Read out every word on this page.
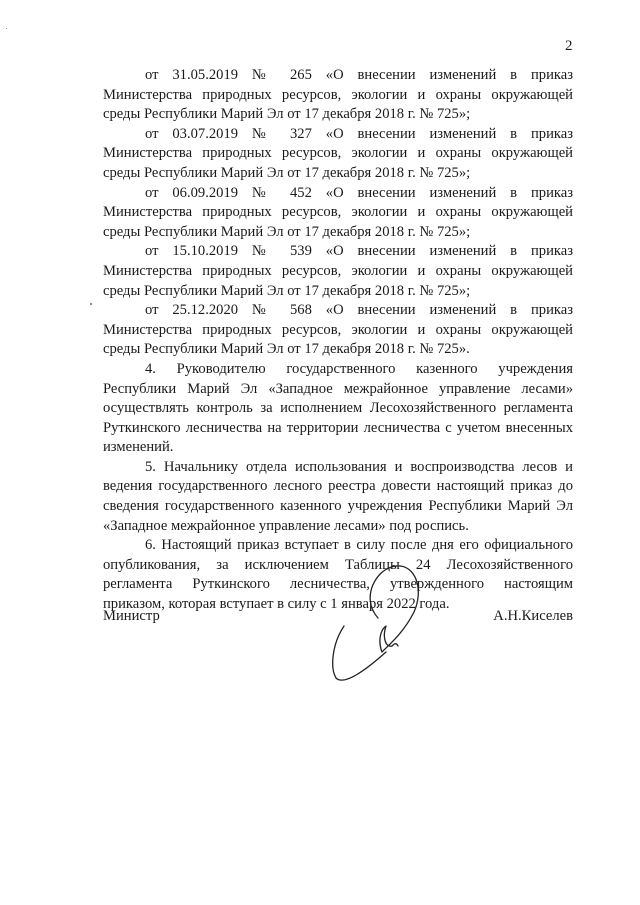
2

от 31.05.2019 № 265 «О внесении изменений в приказ Министерства природных ресурсов, экологии и охраны окружающей среды Республики Марий Эл от 17 декабря 2018 г. № 725»;

от 03.07.2019 № 327 «О внесении изменений в приказ Министерства природных ресурсов, экологии и охраны окружающей среды Республики Марий Эл от 17 декабря 2018 г. № 725»;

от 06.09.2019 № 452 «О внесении изменений в приказ Министерства природных ресурсов, экологии и охраны окружающей среды Республики Марий Эл от 17 декабря 2018 г. № 725»;

от 15.10.2019 № 539 «О внесении изменений в приказ Министерства природных ресурсов, экологии и охраны окружающей среды Республики Марий Эл от 17 декабря 2018 г. № 725»;

от 25.12.2020 № 568 «О внесении изменений в приказ Министерства природных ресурсов, экологии и охраны окружающей среды Республики Марий Эл от 17 декабря 2018 г. № 725».

4. Руководителю государственного казенного учреждения Республики Марий Эл «Западное межрайонное управление лесами» осуществлять контроль за исполнением Лесохозяйственного регламента Руткинского лесничества на территории лесничества с учетом внесенных изменений.

5. Начальнику отдела использования и воспроизводства лесов и ведения государственного лесного реестра довести настоящий приказ до сведения государственного казенного учреждения Республики Марий Эл «Западное межрайонное управление лесами» под роспись.

6. Настоящий приказ вступает в силу после дня его официального опубликования, за исключением Таблицы 24 Лесохозяйственного регламента Руткинского лесничества, утвержденного настоящим приказом, которая вступает в силу с 1 января 2022 года.

Министр	А.Н.Киселев
